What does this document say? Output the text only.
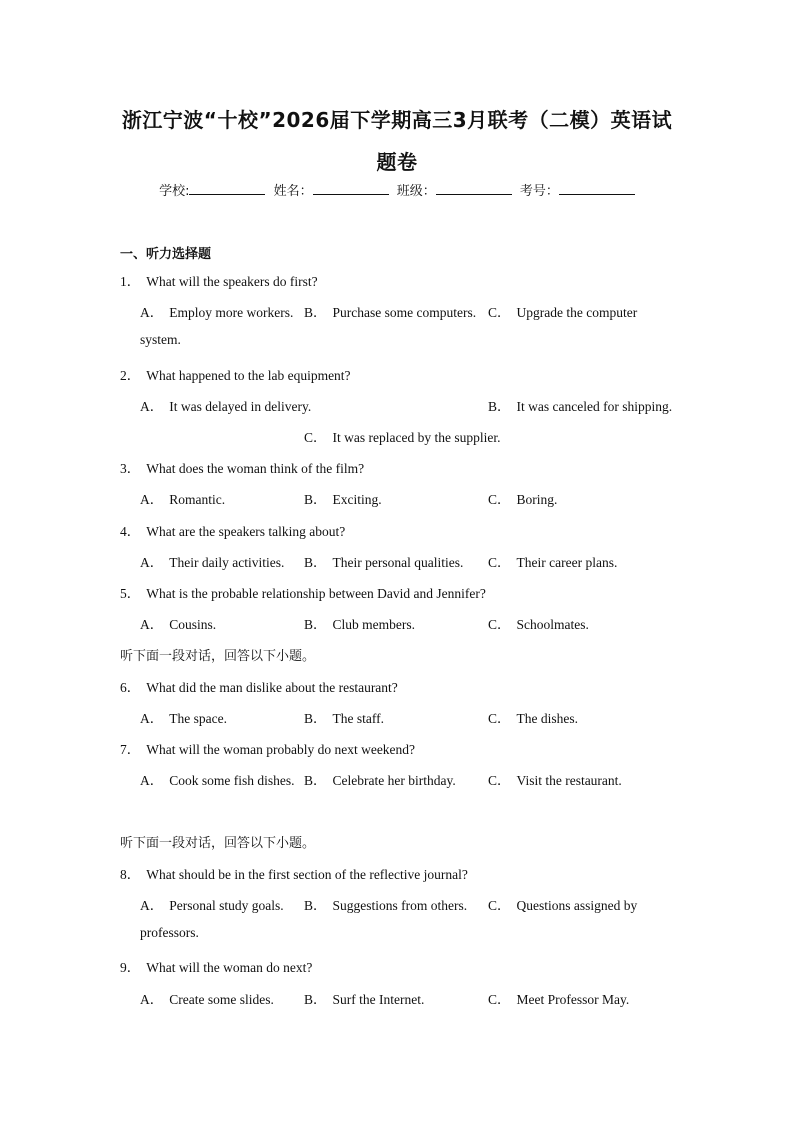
浙江宁波“十校”2026届下学期高三3月联考（二模）英语试
题卷
学校:	姓名：	班级：	考号：
一、听力选择题
1． What will the speakers do first?
A． Employ more workers. B． Purchase some computers. C． Upgrade the computer
system.
2． What happened to the lab equipment?
A． It was delayed in delivery.	B． It was canceled for shipping.
C． It was replaced by the supplier.
3． What does the woman think of the film?
A． Romantic.	B． Exciting.	C． Boring.
4． What are the speakers talking about?
A． Their daily activities. B． Their personal qualities. C． Their career plans.
5． What is the probable relationship between David and Jennifer?
A． Cousins.	B． Club members.	C． Schoolmates.
听下面一段对话，回答以下小题。
6． What did the man dislike about the restaurant?
A． The space.	B． The staff.	C． The dishes.
7． What will the woman probably do next weekend?
A． Cook some fish dishes. B． Celebrate her birthday. C． Visit the restaurant.
听下面一段对话，回答以下小题。
8． What should be in the first section of the reflective journal?
A． Personal study goals. B． Suggestions from others. C． Questions assigned by
professors.
9． What will the woman do next?
A． Create some slides. B． Surf the Internet.	C． Meet Professor May.
